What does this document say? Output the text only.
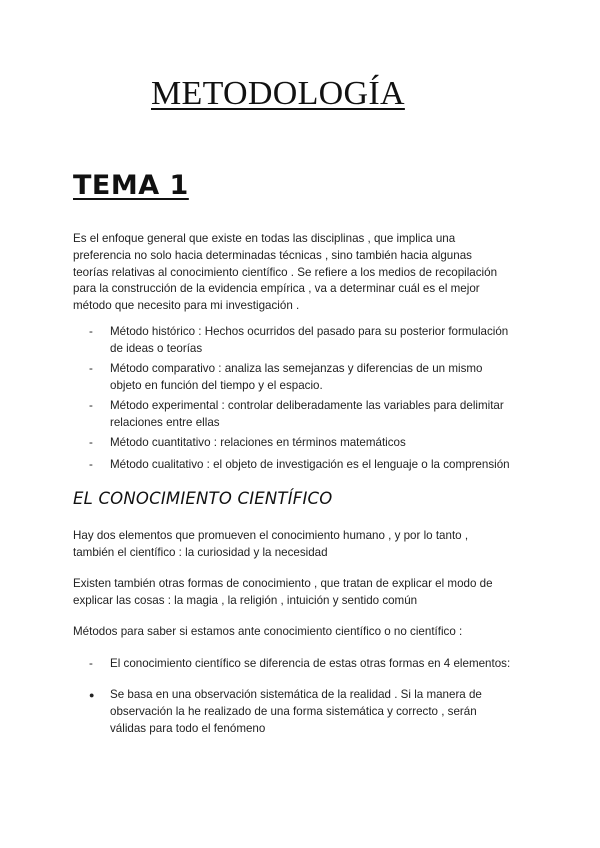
METODOLOGÍA
TEMA 1

Es el enfoque general que existe en todas las disciplinas , que implica una
preferencia no solo hacia determinadas técnicas , sino también hacia algunas
teorías relativas al conocimiento científico . Se refiere a los medios de recopilación
para la construcción de la evidencia empírica , va a determinar cuál es el mejor
método que necesito para mi investigación .

-	Método histórico : Hechos ocurridos del pasado para su posterior formulación
de ideas o teorías
-	Método comparativo : analiza las semejanzas y diferencias de un mismo
objeto en función del tiempo y el espacio.
-	Método experimental : controlar deliberadamente las variables para delimitar
relaciones entre ellas
-	Método cuantitativo : relaciones en términos matemáticos
-	Método cualitativo : el objeto de investigación es el lenguaje o la comprensión
EL CONOCIMIENTO CIENTÍFICO

Hay dos elementos que promueven el conocimiento humano , y por lo tanto ,
también el científico : la curiosidad y la necesidad

Existen también otras formas de conocimiento , que tratan de explicar el modo de
explicar las cosas : la magia , la religión , intuición y sentido común

Métodos para saber si estamos ante conocimiento científico o no científico :

-	El conocimiento científico se diferencia de estas otras formas en 4 elementos:
●	Se basa en una observación sistemática de la realidad . Si la manera de
observación la he realizado de una forma sistemática y correcto , serán
válidas para todo el fenómeno
